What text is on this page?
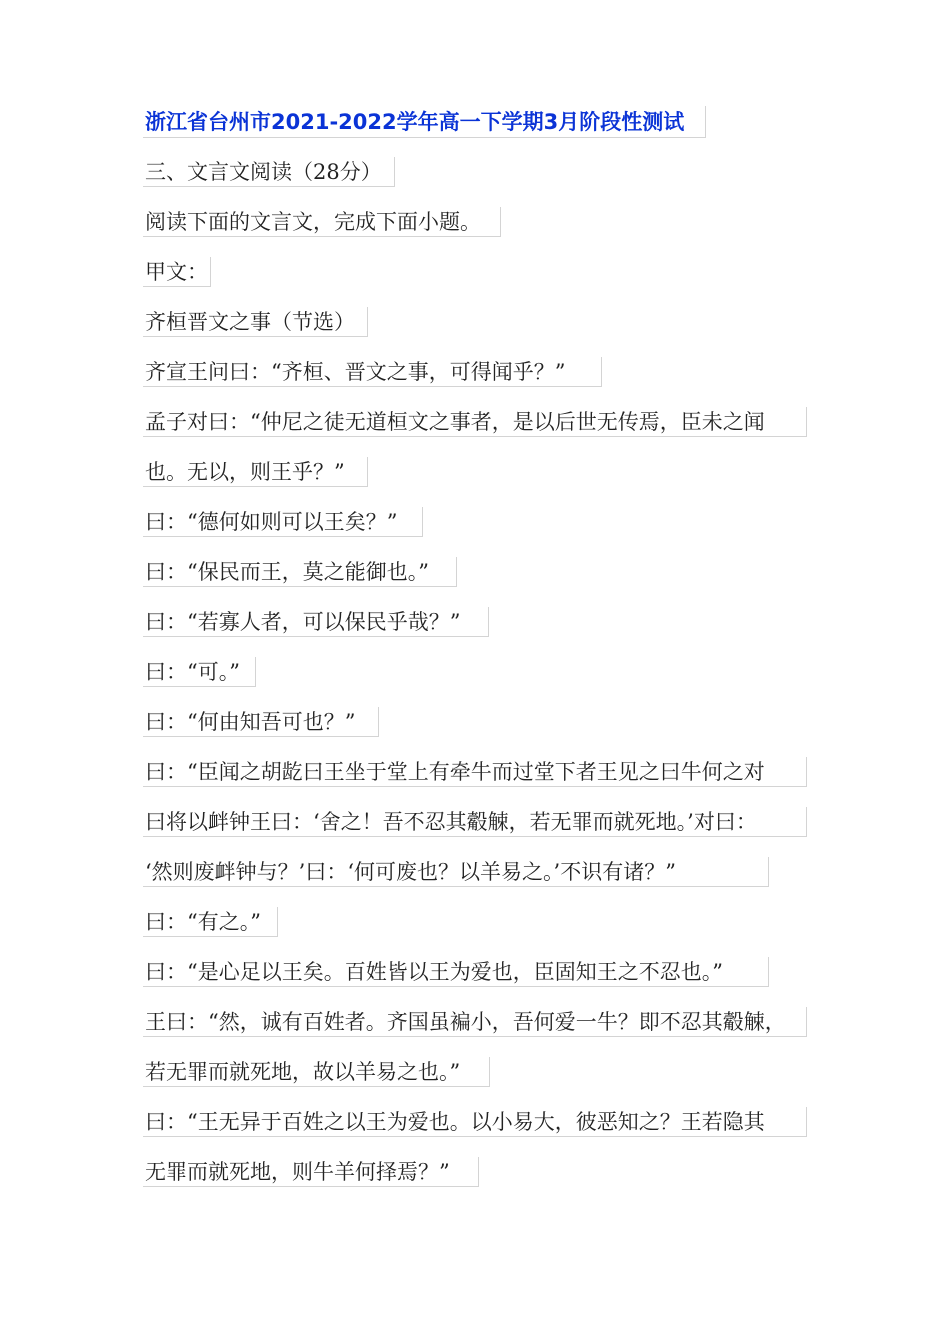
浙江省台州市2021-2022学年高一下学期3月阶段性测试
三、文言文阅读（28分）
阅读下面的文言文，完成下面小题。
甲文：
齐桓晋文之事（节选）
齐宣王问曰：“齐桓、晋文之事，可得闻乎？”
孟子对曰：“仲尼之徒无道桓文之事者，是以后世无传焉，臣未之闻
也。无以，则王乎？”
曰：“德何如则可以王矣？”
曰：“保民而王，莫之能御也。”
曰：“若寡人者，可以保民乎哉？”
曰：“可。”
曰：“何由知吾可也？”
曰：“臣闻之胡龁曰王坐于堂上有牵牛而过堂下者王见之曰牛何之对
曰将以衅钟王曰：‘舍之！吾不忍其觳觫，若无罪而就死地。’对曰：
‘然则废衅钟与？’曰：‘何可废也？以羊易之。’不识有诸？”
曰：“有之。”
曰：“是心足以王矣。百姓皆以王为爱也，臣固知王之不忍也。”
王曰：“然，诚有百姓者。齐国虽褊小，吾何爱一牛？即不忍其觳觫，
若无罪而就死地，故以羊易之也。”
曰：“王无异于百姓之以王为爱也。以小易大，彼恶知之？王若隐其
无罪而就死地，则牛羊何择焉？”
